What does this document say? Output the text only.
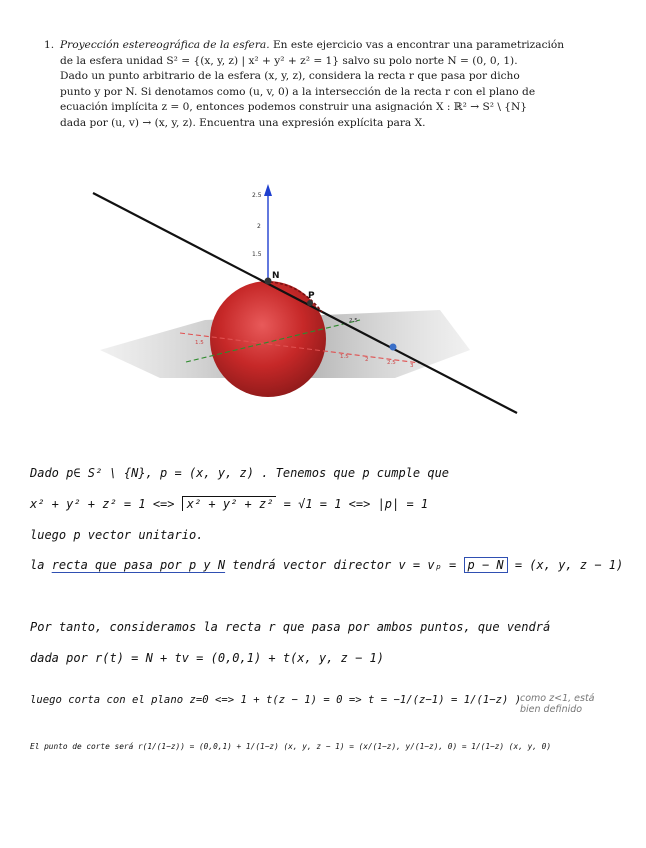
1. Proyección estereográfica de la esfera. En este ejercicio vas a encontrar una parametrización
de la esfera unidad S² = {(x, y, z) | x² + y² + z² = 1} salvo su polo norte N = (0, 0, 1).
Dado un punto arbitrario de la esfera (x, y, z), considera la recta r que pasa por dicho
punto y por N. Si denotamos como (u, v, 0) a la intersección de la recta r con el plano de
ecuación implícita z = 0, entonces podemos construir una asignación X : ℝ² → S² \ {N}
dada por (u, v) → (x, y, z). Encuentra una expresión explícita para X.
2.5
2
1.5
N
P
2.5
1.5
1.5	2	2.5	3
Dado p∈ S² \ {N}, p = (x, y, z) . Tenemos que p cumple que
x² + y² + z² = 1 <=> x² + y² + z² = √1 = 1 <=> |p| = 1
luego p vector unitario.
la recta que pasa por p y N tendrá vector director v = vₚ = p − N = (x, y, z − 1)
Por tanto, consideramos la recta r que pasa por ambos puntos, que vendrá
dada por r(t) = N + tv = (0,0,1) + t(x, y, z − 1)
luego corta con el plano z=0 <=> 1 + t(z − 1) = 0 => t = −1/(z−1) = 1/(1−z) )
como z<1, está
bien definido
El punto de corte será r(1/(1−z)) = (0,0,1) + 1/(1−z) (x, y, z − 1) = (x/(1−z), y/(1−z), 0) = 1/(1−z) (x, y, 0)
